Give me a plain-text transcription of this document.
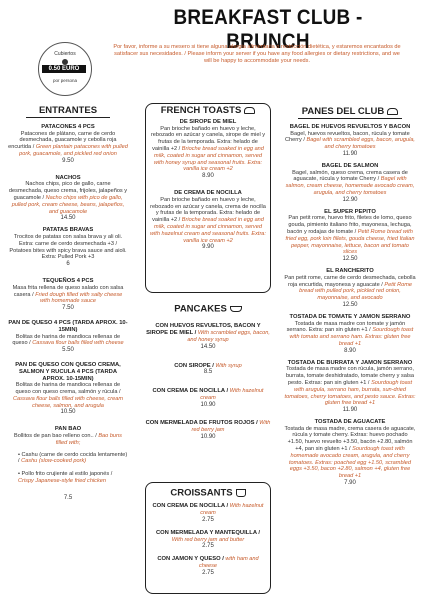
BREAKFAST CLUB - BRUNCH
Por favor, informe a su mesero si tiene alguna alergia alimentaria o restricción dietética, y estaremos encantados de satisfacer sus necesidades. / Please inform your server if you have any food allergies or dietary restrictions, and we will be happy to accommodate your needs.
Cubiertos
0.50 EURO
por persona
ENTRANTES
PATACONES 4 PCS
Patacones de plátano, carne de cerdo desmechada, guacamole y cebolla roja encurtida / Green plantain patacones with pulled pork, guacamole, and pickled red onion
9.50
NACHOS
Nachos chips, pico de gallo, carne desmechada, queso crema, frijoles, jalapeños y guacamole / Nacho chips with pico de gallo, pulled pork, cream cheese, beans, jalapeños, and guacamole
14.50
PATATAS BRAVAS
Trocitos de patatas con salsa brava y ali oli. Extra: carne de cerdo desmechada +3 / Potatoes bites with spicy brava sauce and aioli. Extra: Pulled Pork +3
6
TEQUEÑOS 4 PCS
Masa frita rellena de queso salado con salsa casera / Fried dough filled with salty cheese with homemade sauce
7.50
PAN DE QUESO 4 PCS (TARDA APROX. 10-15MIN)
Bolitas de harina de mandioca rellenas de queso / Cassava flour balls filled with cheese
5.50
PAN DE QUESO CON QUESO CREMA, SALMON Y RUCULA 4 PCS (TARDA APROX. 10-15MIN)
Bolitas de harina de mandioca rellenas de queso con queso crema, salmón y rúcula / Cassava flour balls filled with cheese, cream cheese, salmon, and arugula
10.50
PAN BAO
Bollitos de pan bao relleno con.. / Bao buns filled with;
• Cashu (carne de cerdo cocida lentamente) / Cashu (slow-cooked pork)
• Pollo frito crujiente al estilo japonés / Crispy Japanese-style fried chicken
7.5
FRENCH TOASTS
DE SIROPE DE MIEL
Pan brioche bañado en huevo y leche, rebozado en azúcar y canela, sirope de miel y frutas de la temporada. Extra: helado de vainilla +2 / Brioche bread soaked in egg and milk, coated in sugar and cinnamon, served with honey syrup and seasonal fruits. Extra: vanilla ice cream +2
8.90
DE CREMA DE NOCILLA
Pan brioche bañado en huevo y leche, rebozado en azúcar y canela, crema de nocilla y frutas de la temporada. Extra: helado de vainilla +2 / Brioche bread soaked in egg and milk, coated in sugar and cinnamon, served with hazelnut cream and seasonal fruits. Extra: vanilla ice cream +2
9.90
PANCAKES
CON HUEVOS REVUELTOS, BACON Y SIROPE DE MIEL / With scrambled eggs, bacon, and honey syrup
14.50
CON SIROPE / With syrup
8.5
CON CREMA DE NOCILLA / With hazelnut cream
10.90
CON MERMELADA DE FRUTOS ROJOS / With red berry jam
10.90
CROISSANTS
CON CREMA DE NOCILLA / With hazelnut cream
2.75
CON MERMELADA Y MANTEQUILLA / With red berry jam and butter
2.75
CON JAMON Y QUESO / with ham and cheese
2.75
PANES DEL CLUB
BAGEL DE HUEVOS REVUELTOS Y BACON
Bagel, huevos revueltos, bacon, rúcula y tomate Cherry / Bagel with scrambled eggs, bacon, arugula, and cherry tomatoes
11.90
BAGEL DE SALMON
Bagel, salmón, queso crema, crema casera de aguacate, rúcula y tomate Cherry / Bagel with salmon, cream cheese, homemade avocado cream, arugula, and cherry tomatoes
12.90
EL SUPER PEPITO
Pan petit rome, huevo frito, filetes de lomo, queso gouda, pimiento italiano frito, mayonesa, lechuga, bacón y rodajas de tomate / Petit Rome bread with fried egg, pork loin fillets, gouda cheese, fried Italian pepper, mayonnaise, lettuce, bacon and tomato slices
12.50
EL RANCHERITO
Pan petit rome, carne de cerdo desmechada, cebolla roja encurtida, mayonesa y aguacate / Petit Rome bread with pulled pork, pickled red onion, mayonnaise, and avocado
12.50
TOSTADA DE TOMATE Y JAMON SERRANO
Tostada de masa madre con tomate y jamón serrano. Extra: pan sin gluten +1 / Sourdough toast with tomato and serrano ham. Extras: gluten free bread +1
8.90
TOSTADA DE BURRATA Y JAMON SERRANO
Tostada de masa madre con rúcula, jamón serrano, burrata, tomate deshidratado, tomate cherry y salsa pesto. Extras: pan sin gluten +1 / Sourdough toast with arugula, serrano ham, burrata, sun-dried tomatoes, cherry tomatoes, and pesto sauce. Extras: gluten free bread +1
11.90
TOSTADA DE AGUACATE
Tostada de masa madre, crema casera de aguacate, rúcula y tomate cherry. Extras: huevo pochado +1.50, huevo revuelto +3.50, bacón +2.80, salmón +4, pan sin gluten +1 / Sourdough toast with homemade avocado cream, arugula, and cherry tomatoes. Extras: poached egg +1.50, scrambled eggs +3.50, bacon +2.80, salmon +4, gluten free bread +1
7.90
